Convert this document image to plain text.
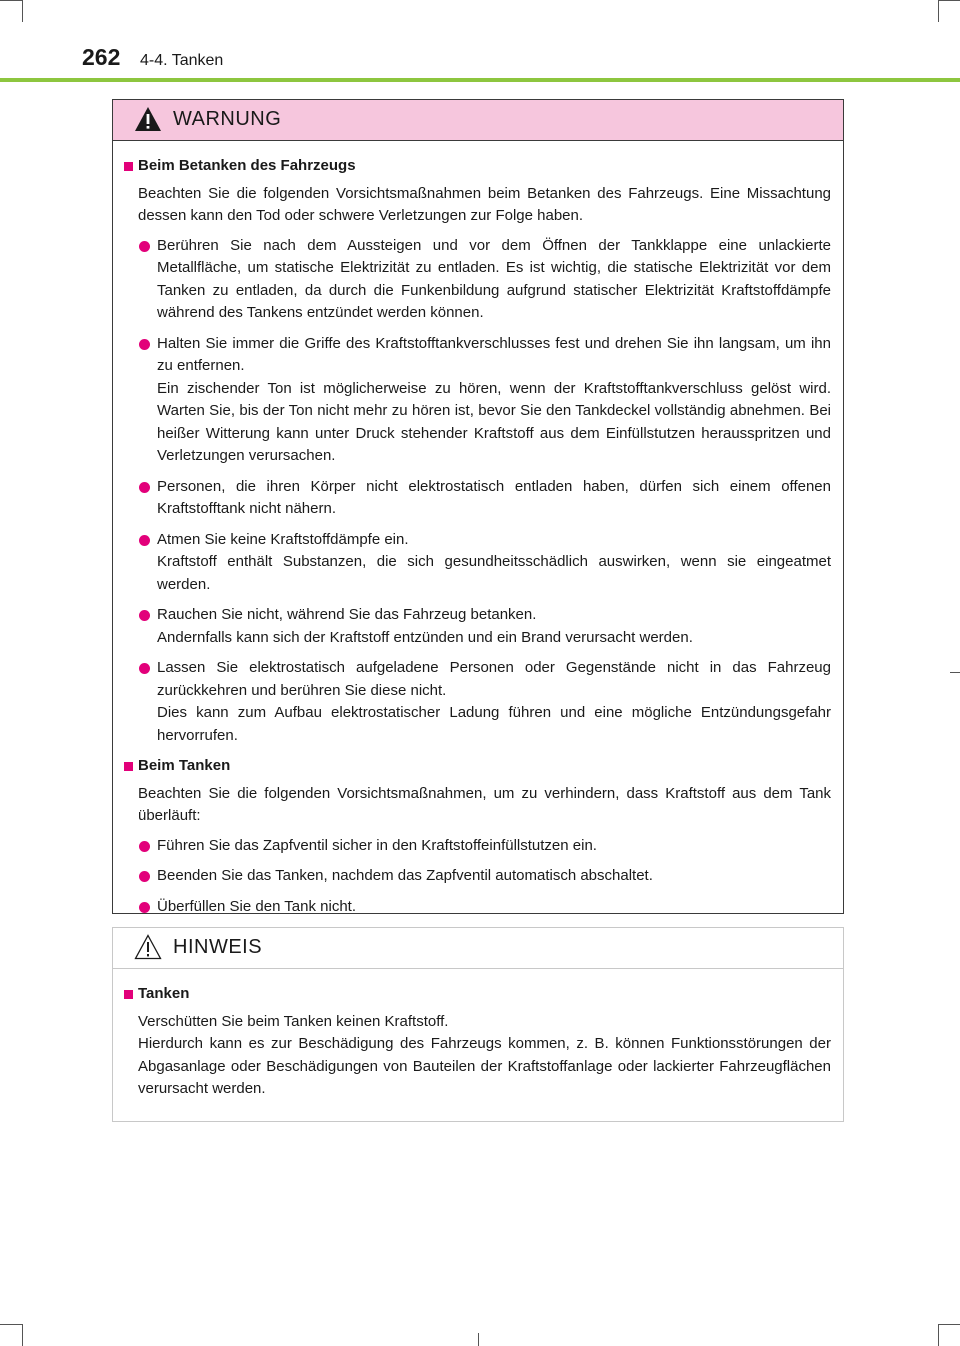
262 4-4. Tanken
WARNUNG
Beim Betanken des Fahrzeugs
Beachten Sie die folgenden Vorsichtsmaßnahmen beim Betanken des Fahrzeugs. Eine Missachtung dessen kann den Tod oder schwere Verletzungen zur Folge haben.
Berühren Sie nach dem Aussteigen und vor dem Öffnen der Tankklappe eine unlackierte Metallfläche, um statische Elektrizität zu entladen. Es ist wichtig, die statische Elektrizität vor dem Tanken zu entladen, da durch die Funkenbildung aufgrund statischer Elektrizität Kraftstoffdämpfe während des Tankens entzündet werden können.
Halten Sie immer die Griffe des Kraftstofftankverschlusses fest und drehen Sie ihn langsam, um ihn zu entfernen.
Ein zischender Ton ist möglicherweise zu hören, wenn der Kraftstofftankverschluss gelöst wird. Warten Sie, bis der Ton nicht mehr zu hören ist, bevor Sie den Tankdeckel vollständig abnehmen. Bei heißer Witterung kann unter Druck stehender Kraftstoff aus dem Einfüllstutzen herausspritzen und Verletzungen verursachen.
Personen, die ihren Körper nicht elektrostatisch entladen haben, dürfen sich einem offenen Kraftstofftank nicht nähern.
Atmen Sie keine Kraftstoffdämpfe ein.
Kraftstoff enthält Substanzen, die sich gesundheitsschädlich auswirken, wenn sie eingeatmet werden.
Rauchen Sie nicht, während Sie das Fahrzeug betanken.
Andernfalls kann sich der Kraftstoff entzünden und ein Brand verursacht werden.
Lassen Sie elektrostatisch aufgeladene Personen oder Gegenstände nicht in das Fahrzeug zurückkehren und berühren Sie diese nicht.
Dies kann zum Aufbau elektrostatischer Ladung führen und eine mögliche Entzündungsgefahr hervorrufen.
Beim Tanken
Beachten Sie die folgenden Vorsichtsmaßnahmen, um zu verhindern, dass Kraftstoff aus dem Tank überläuft:
Führen Sie das Zapfventil sicher in den Kraftstoffeinfüllstutzen ein.
Beenden Sie das Tanken, nachdem das Zapfventil automatisch abschaltet.
Überfüllen Sie den Tank nicht.
HINWEIS
Tanken
Verschütten Sie beim Tanken keinen Kraftstoff.
Hierdurch kann es zur Beschädigung des Fahrzeugs kommen, z. B. können Funktionsstörungen der Abgasanlage oder Beschädigungen von Bauteilen der Kraftstoffanlage oder lackierter Fahrzeugflächen verursacht werden.
